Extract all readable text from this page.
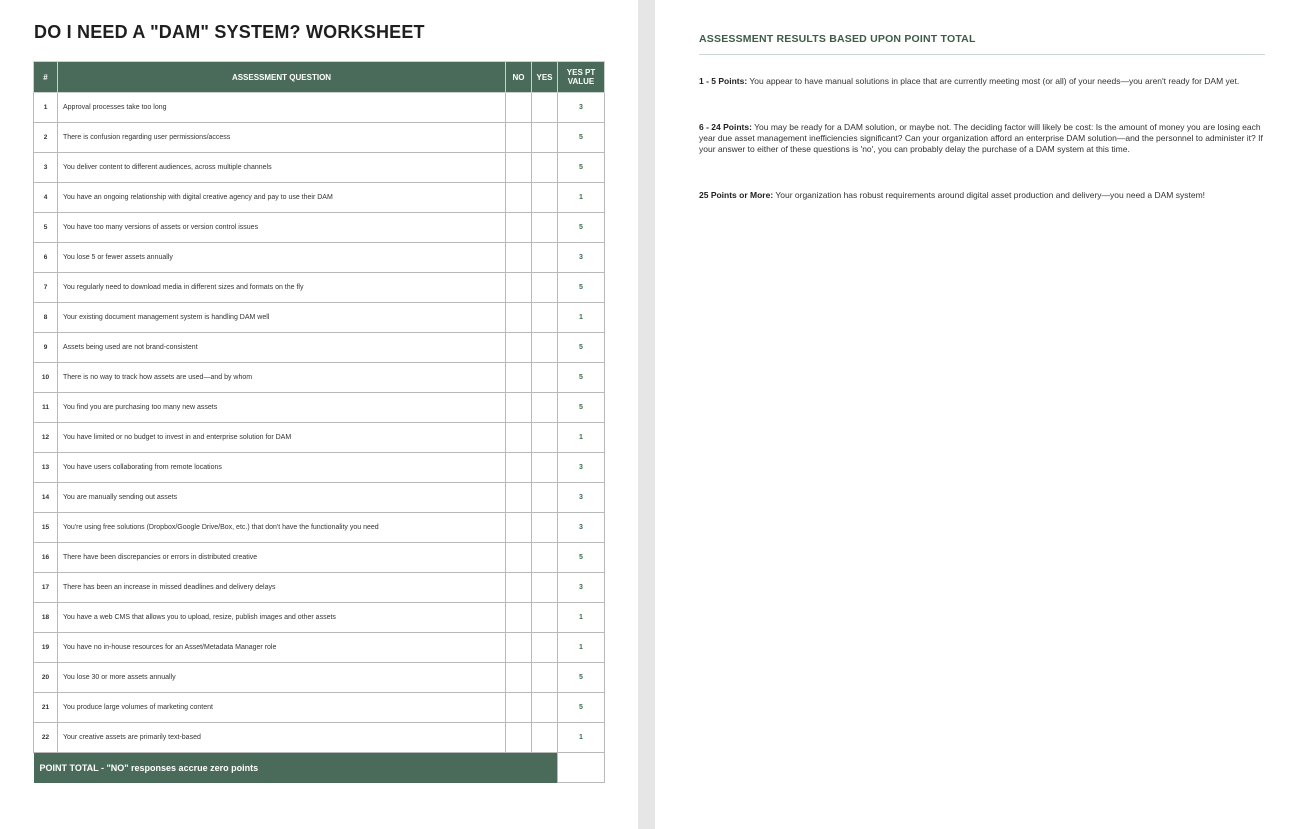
DO I NEED A "DAM" SYSTEM? WORKSHEET
#	ASSESSMENT QUESTION	NO	YES	YES PT
VALUE

1	Approval processes take too long			3
2	There is confusion regarding user permissions/access			5
3	You deliver content to different audiences, across multiple channels			5
4	You have an ongoing relationship with digital creative agency and pay to use their DAM			1
5	You have too many versions of assets or version control issues			5
6	You lose 5 or fewer assets annually			3
7	You regularly need to download media in different sizes and formats on the fly			5
8	Your existing document management system is handling DAM well			1
9	Assets being used are not brand-consistent			5
10	There is no way to track how assets are used—and by whom			5
11	You find you are purchasing too many new assets			5
12	You have limited or no budget to invest in and enterprise solution for DAM			1
13	You have users collaborating from remote locations			3
14	You are manually sending out assets			3
15	You're using free solutions (Dropbox/Google Drive/Box, etc.) that don't have the functionality you need			3
16	There have been discrepancies or errors in distributed creative			5
17	There has been an increase in missed deadlines and delivery delays			3
18	You have a web CMS that allows you to upload, resize, publish images and other assets			1
19	You have no in-house resources for an Asset/Metadata Manager role			1
20	You lose 30 or more assets annually			5
21	You produce large volumes of marketing content			5
22	Your creative assets are primarily text-based			1
POINT TOTAL - "NO" responses accrue zero points				
ASSESSMENT RESULTS BASED UPON POINT TOTAL
1 - 5 Points: You appear to have manual solutions in place that are currently meeting most (or all) of your needs—you aren't ready for DAM yet.
6 - 24 Points: You may be ready for a DAM solution, or maybe not. The deciding factor will likely be cost: Is the amount of money you are losing each year due asset management inefficiencies significant? Can your organization afford an enterprise DAM solution—and the personnel to administer it? If your answer to either of these questions is 'no', you can probably delay the purchase of a DAM system at this time.
25 Points or More: Your organization has robust requirements around digital asset production and delivery—you need a DAM system!
